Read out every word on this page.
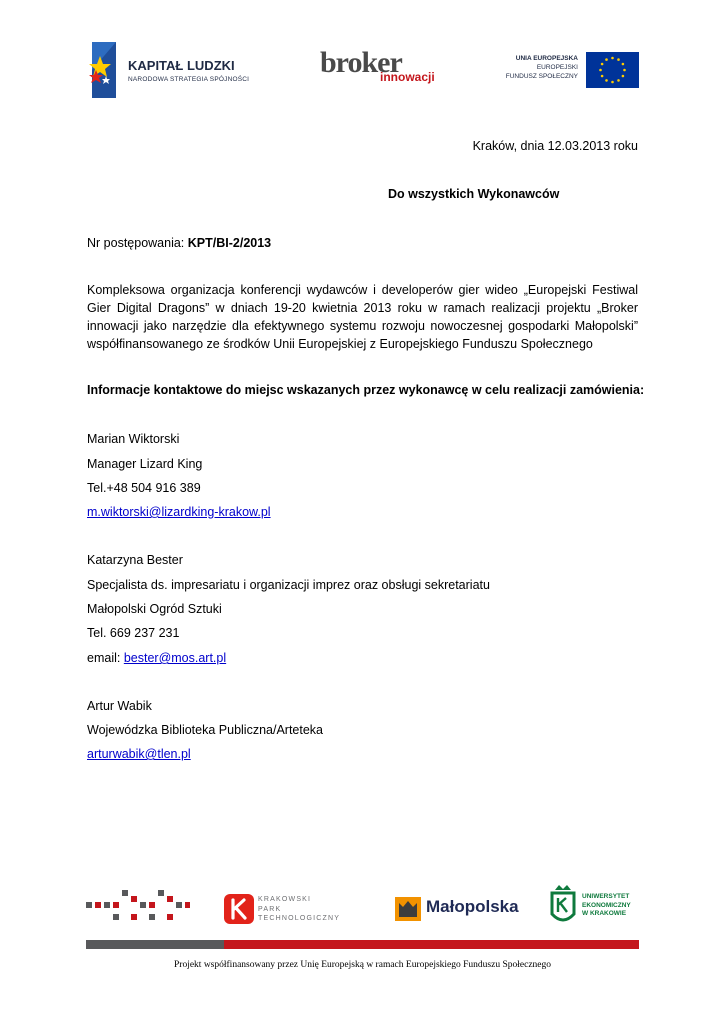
KAPITAŁ LUDZKI
NARODOWA STRATEGIA SPÓJNOŚCI
broker
innowacji
UNIA EUROPEJSKA
EUROPEJSKI
FUNDUSZ SPOŁECZNY
Kraków, dnia 12.03.2013 roku
Do wszystkich Wykonawców
Nr postępowania: KPT/BI-2/2013
Kompleksowa organizacja konferencji wydawców i developerów gier wideo „Europejski Festiwal Gier Digital Dragons” w dniach 19-20 kwietnia 2013 roku w ramach realizacji projektu „Broker innowacji jako narzędzie dla efektywnego systemu rozwoju nowoczesnej gospodarki Małopolski” współfinansowanego ze środków Unii Europejskiej z Europejskiego Funduszu Społecznego
Informacje kontaktowe do miejsc wskazanych przez wykonawcę w celu realizacji zamówienia:
Marian Wiktorski
Manager Lizard King
Tel.+48 504 916 389
m.wiktorski@lizardking-krakow.pl
Katarzyna Bester
Specjalista ds. impresariatu i organizacji imprez oraz obsługi sekretariatu
Małopolski Ogród Sztuki
Tel. 669 237 231
email: bester@mos.art.pl
Artur Wabik
Wojewódzka Biblioteka Publiczna/Arteteka
arturwabik@tlen.pl
KRAKOWSKI
PARK
TECHNOLOGICZNY
Małopolska
UNIWERSYTET
EKONOMICZNY
W KRAKOWIE
Projekt współfinansowany przez Unię Europejską w ramach Europejskiego Funduszu Społecznego
